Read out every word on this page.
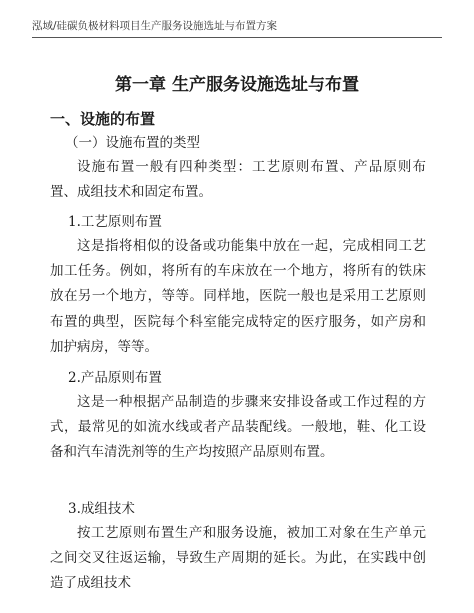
泓域/硅碳负极材料项目生产服务设施选址与布置方案
第一章 生产服务设施选址与布置
一、设施的布置
（一）设施布置的类型
设施布置一般有四种类型：工艺原则布置、产品原则布置、成组技术和固定布置。
1.工艺原则布置
这是指将相似的设备或功能集中放在一起，完成相同工艺加工任务。例如，将所有的车床放在一个地方，将所有的铁床放在另一个地方，等等。同样地，医院一般也是采用工艺原则布置的典型，医院每个科室能完成特定的医疗服务，如产房和加护病房，等等。
2.产品原则布置
这是一种根据产品制造的步骤来安排设备或工作过程的方式，最常见的如流水线或者产品装配线。一般地，鞋、化工设备和汽车清洗剂等的生产均按照产品原则布置。
3.成组技术
按工艺原则布置生产和服务设施，被加工对象在生产单元之间交叉往返运输，导致生产周期的延长。为此，在实践中创造了成组技术
